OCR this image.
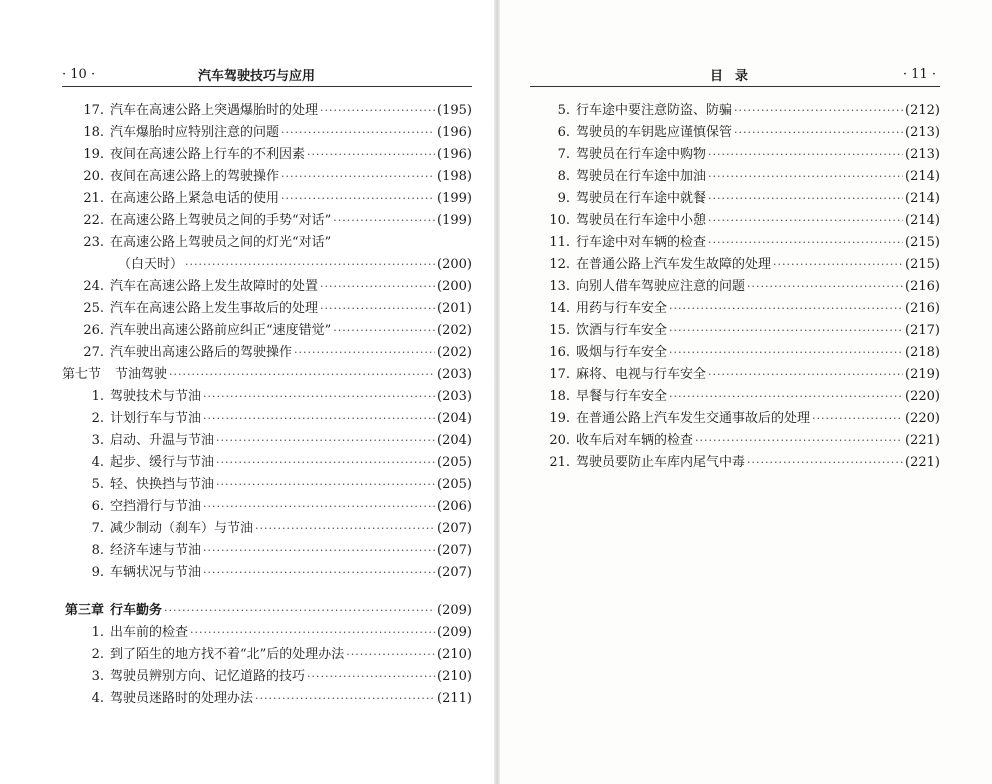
· 10 ·	汽车驾驶技巧与应用
17. 汽车在高速公路上突遇爆胎时的处理 ·····	(195)
18. 汽车爆胎时应特别注意的问题 ·····	(196)
19. 夜间在高速公路上行车的不利因素 ·····	(196)
20. 夜间在高速公路上的驾驶操作 ·····	(198)
21. 在高速公路上紧急电话的使用 ·····	(199)
22. 在高速公路上驾驶员之间的手势“对话” ·····	(199)
23. 在高速公路上驾驶员之间的灯光“对话”
（白天时） ·····	(200)
24. 汽车在高速公路上发生故障时的处置 ·····	(200)
25. 汽车在高速公路上发生事故后的处理 ·····	(201)
26. 汽车驶出高速公路前应纠正“速度错觉” ·····	(202)
27. 汽车驶出高速公路后的驾驶操作 ·····	(202)
第七节	节油驾驶 ·····	(203)
1. 驾驶技术与节油 ·····	(203)
2. 计划行车与节油 ·····	(204)
3. 启动、升温与节油 ·····	(204)
4. 起步、缓行与节油 ·····	(205)
5. 轻、快换挡与节油 ·····	(205)
6. 空挡滑行与节油 ·····	(206)
7. 减少制动（刹车）与节油 ·····	(207)
8. 经济车速与节油 ·····	(207)
9. 车辆状况与节油 ·····	(207)
第三章 行车勤务 ·····	(209)
1. 出车前的检查 ·····	(209)
2. 到了陌生的地方找不着“北”后的处理办法 ·····	(210)
3. 驾驶员辨别方向、记忆道路的技巧 ·····	(210)
4. 驾驶员迷路时的处理办法 ·····	(211)
目录	· 11 ·
5. 行车途中要注意防盗、防骗 ·····	(212)
6. 驾驶员的车钥匙应谨慎保管 ·····	(213)
7. 驾驶员在行车途中购物 ·····	(213)
8. 驾驶员在行车途中加油 ·····	(214)
9. 驾驶员在行车途中就餐 ·····	(214)
10. 驾驶员在行车途中小憩 ·····	(214)
11. 行车途中对车辆的检查 ·····	(215)
12. 在普通公路上汽车发生故障的处理 ·····	(215)
13. 向别人借车驾驶应注意的问题 ·····	(216)
14. 用药与行车安全 ·····	(216)
15. 饮酒与行车安全 ·····	(217)
16. 吸烟与行车安全 ·····	(218)
17. 麻将、电视与行车安全 ·····	(219)
18. 早餐与行车安全 ·····	(220)
19. 在普通公路上汽车发生交通事故后的处理 ·····	(220)
20. 收车后对车辆的检查 ·····	(221)
21. 驾驶员要防止车库内尾气中毒 ·····	(221)
